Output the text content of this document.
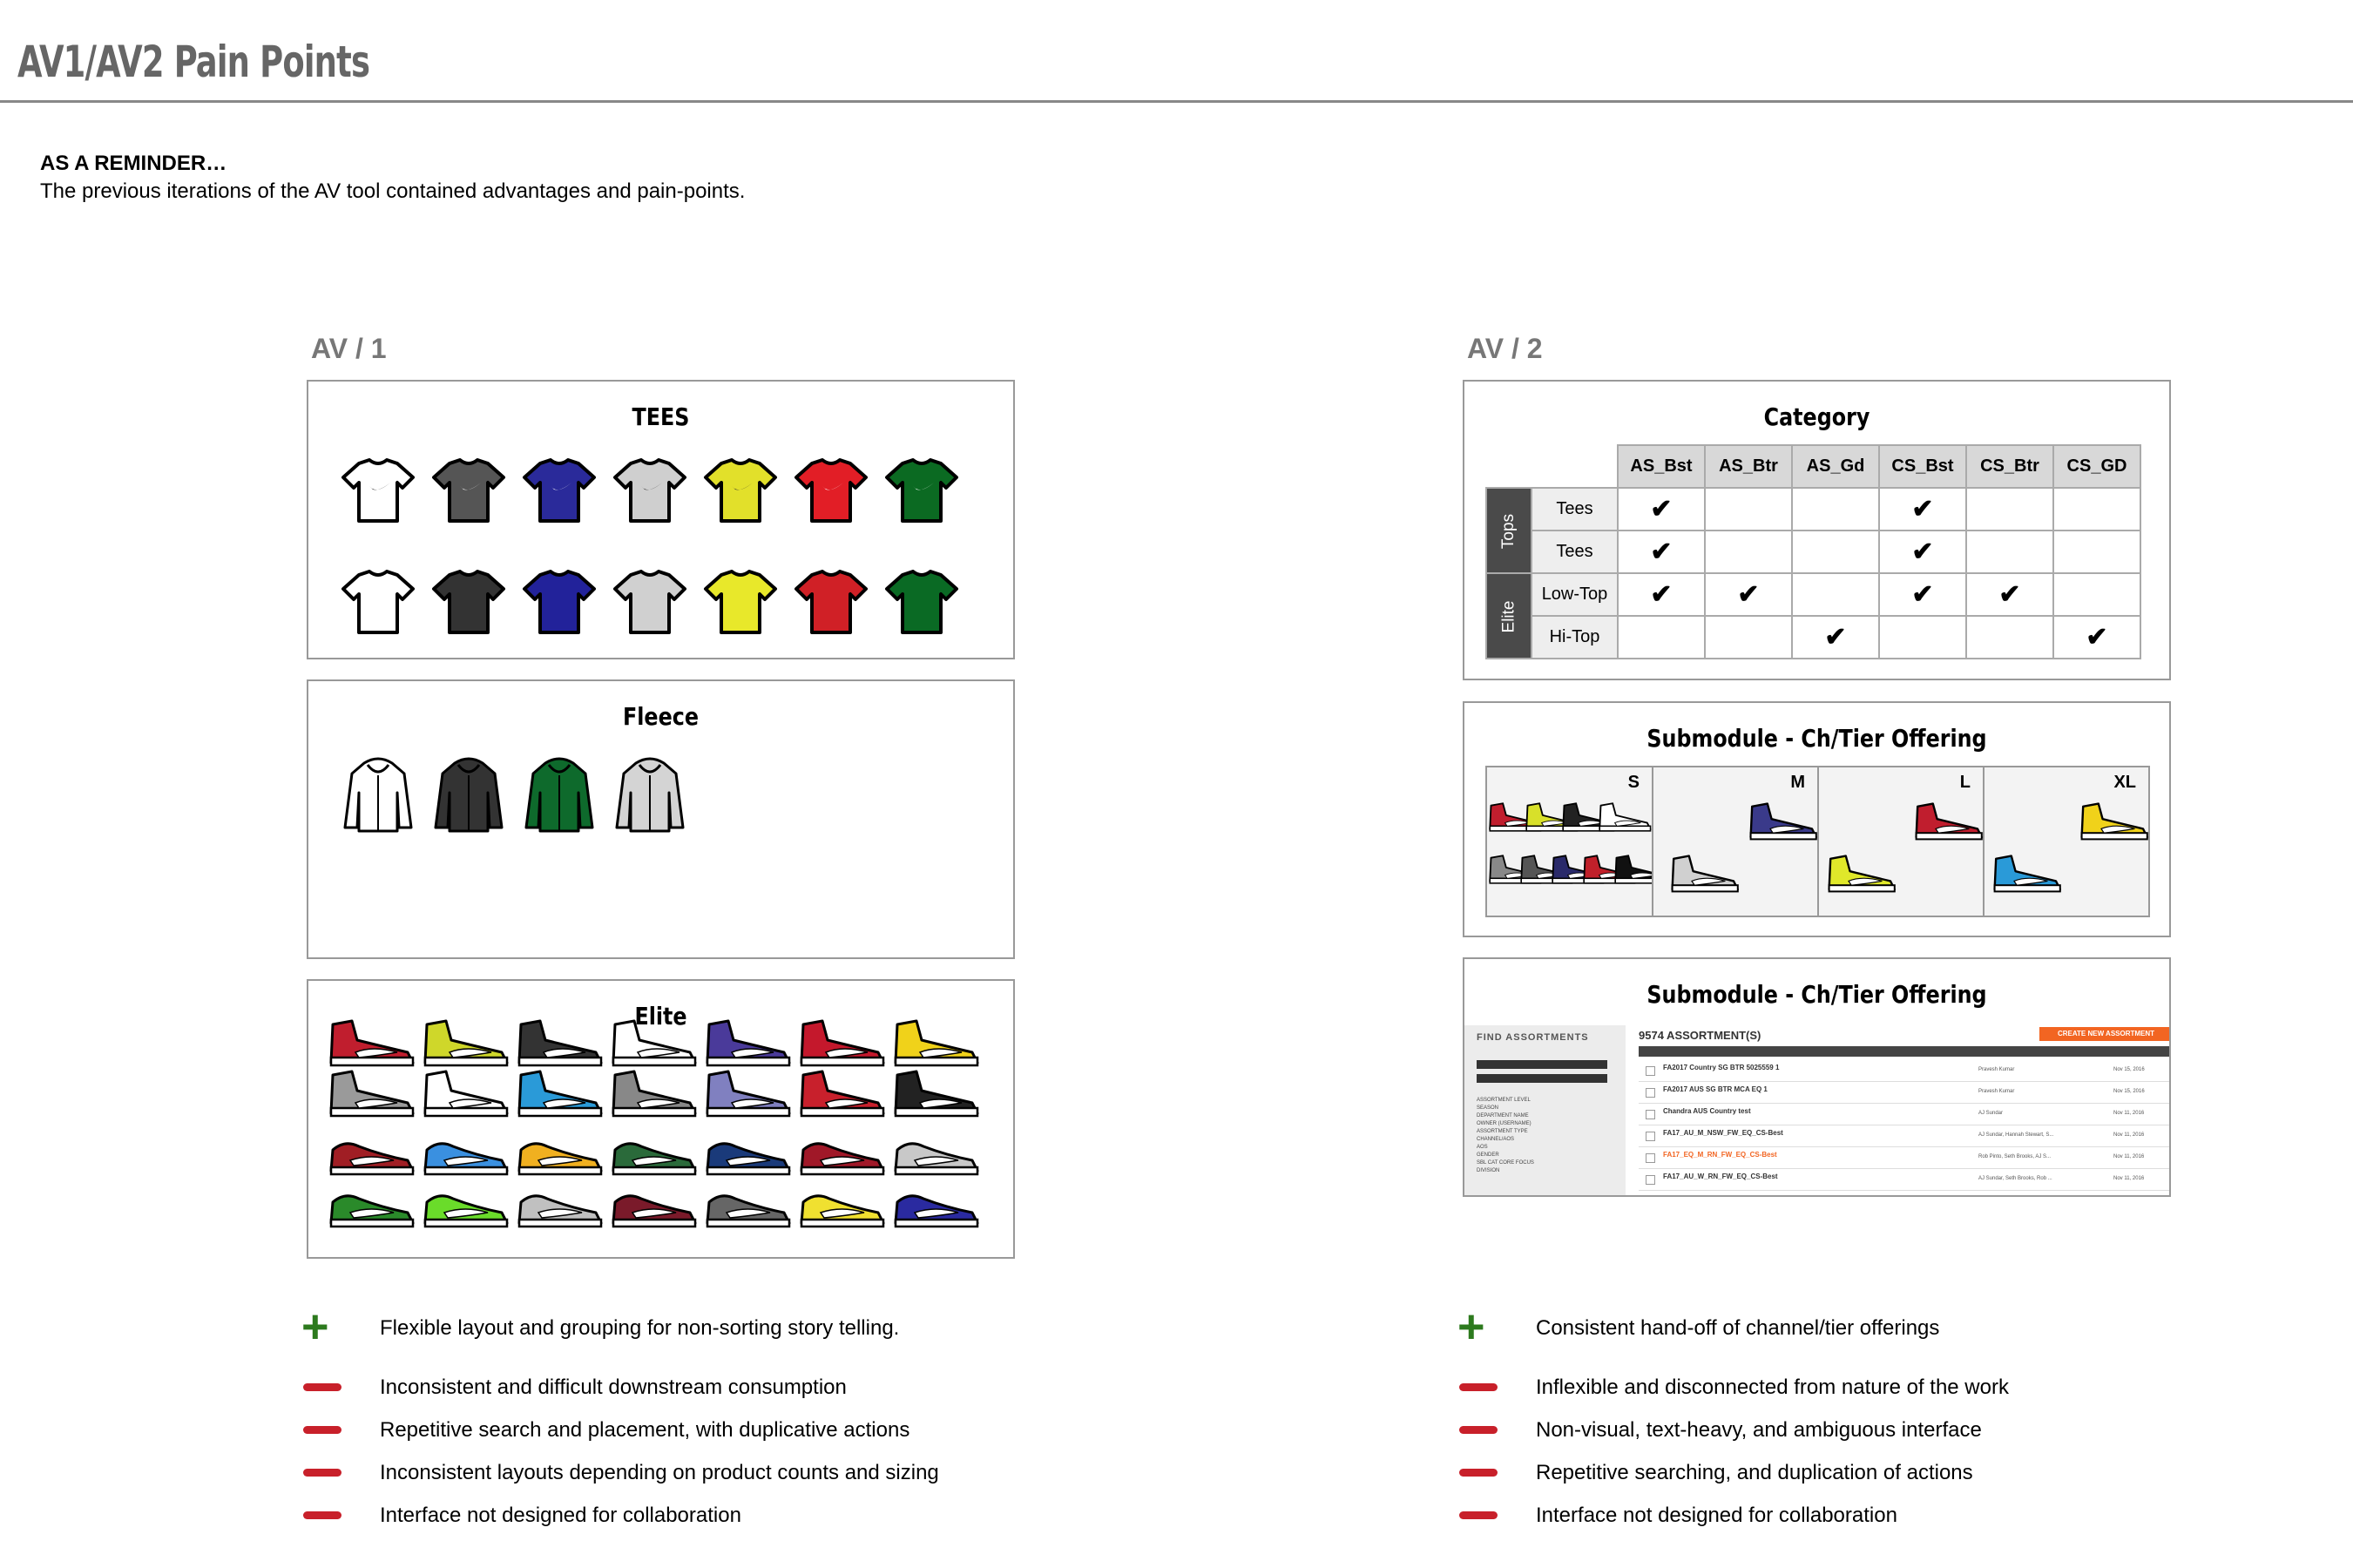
AV1/AV2 Pain Points
AS A REMINDER…
The previous iterations of the AV tool contained advantages and pain-points.
AV / 1
TEES
Fleece
Elite
+ Flexible layout and grouping for non-sorting story telling.
Inconsistent and difficult downstream consumption
Repetitive search and placement, with duplicative actions
Inconsistent layouts depending on product counts and sizing
Interface not designed for collaboration
AV / 2
Category
		AS_Bst	AS_Btr	AS_Gd	CS_Bst	CS_Btr	CS_GD
Tops	Tees	✔			✔		
	Tees	✔			✔		
Elite	Low-Top	✔	✔		✔	✔	
	Hi-Top			✔			✔
Submodule - Ch/Tier Offering
S	M	L	XL
Submodule - Ch/Tier Offering
FIND ASSORTMENTS
ASSORTMENT LEVEL
SEASON
DEPARTMENT NAME
OWNER (USERNAME)
ASSORTMENT TYPE
CHANNEL/AOS
AOS
GENDER
SBL CAT CORE FOCUS
DIVISION
9574 ASSORTMENT(S)	CREATE NEW ASSORTMENT
FA2017 Country SG BTR 5025559 1	Pravesh Kumar	Nov 15, 2016
FA2017 AUS SG BTR MCA EQ 1	Pravesh Kumar	Nov 15, 2016
Chandra AUS Country test	AJ Sundar	Nov 11, 2016
FA17_AU_M_NSW_FW_EQ_CS-Best	AJ Sundar, Hannah Stewart, S...	Nov 11, 2016
FA17_EQ_M_RN_FW_EQ_CS-Best	Rob Pinto, Seth Brooks, AJ S...	Nov 11, 2016
FA17_AU_W_RN_FW_EQ_CS-Best	AJ Sundar, Seth Brooks, Rob ...	Nov 11, 2016
+ Consistent hand-off of channel/tier offerings
Inflexible and disconnected from nature of the work
Non-visual, text-heavy, and ambiguous interface
Repetitive searching, and duplication of actions
Interface not designed for collaboration
